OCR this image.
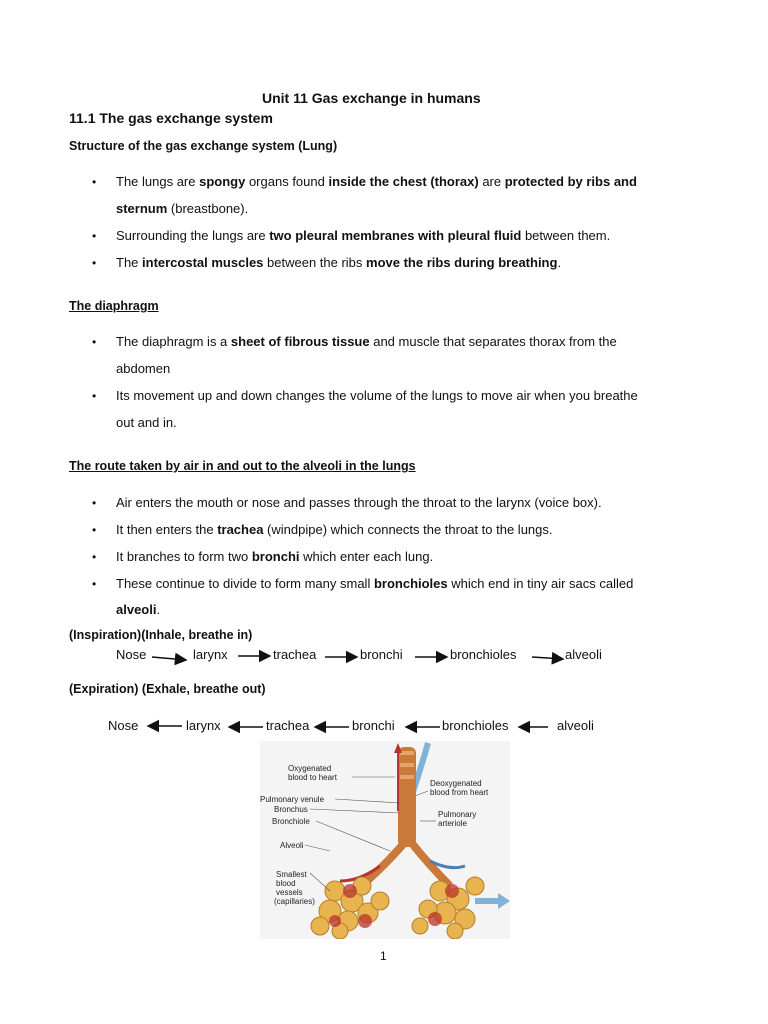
Unit 11 Gas exchange in humans
11.1 The gas exchange system
Structure of the gas exchange system (Lung)
• The lungs are spongy organs found inside the chest (thorax) are protected by ribs and
sternum (breastbone).
• Surrounding the lungs are two pleural membranes with pleural fluid between them.
• The intercostal muscles between the ribs move the ribs during breathing.
The diaphragm
• The diaphragm is a sheet of fibrous tissue and muscle that separates thorax from the
abdomen
• Its movement up and down changes the volume of the lungs to move air when you breathe
out and in.
The route taken by air in and out to the alveoli in the lungs
• Air enters the mouth or nose and passes through the throat to the larynx (voice box).
• It then enters the trachea (windpipe) which connects the throat to the lungs.
• It branches to form two bronchi which enter each lung.
• These continue to divide to form many small bronchioles which end in tiny air sacs called
alveoli.
(Inspiration)(Inhale, breathe in)
Nose	larynx	trachea	bronchi	bronchioles	alveoli
(Expiration) (Exhale, breathe out)
Nose	larynx	trachea	bronchi	bronchioles	alveoli
Oxygenated
blood to heart
Deoxygenated
blood from heart
Pulmonary venule
Bronchus
Bronchiole
Pulmonary
arteriole
Alveoli
Smallest
blood
vessels
(capillaries)
1
